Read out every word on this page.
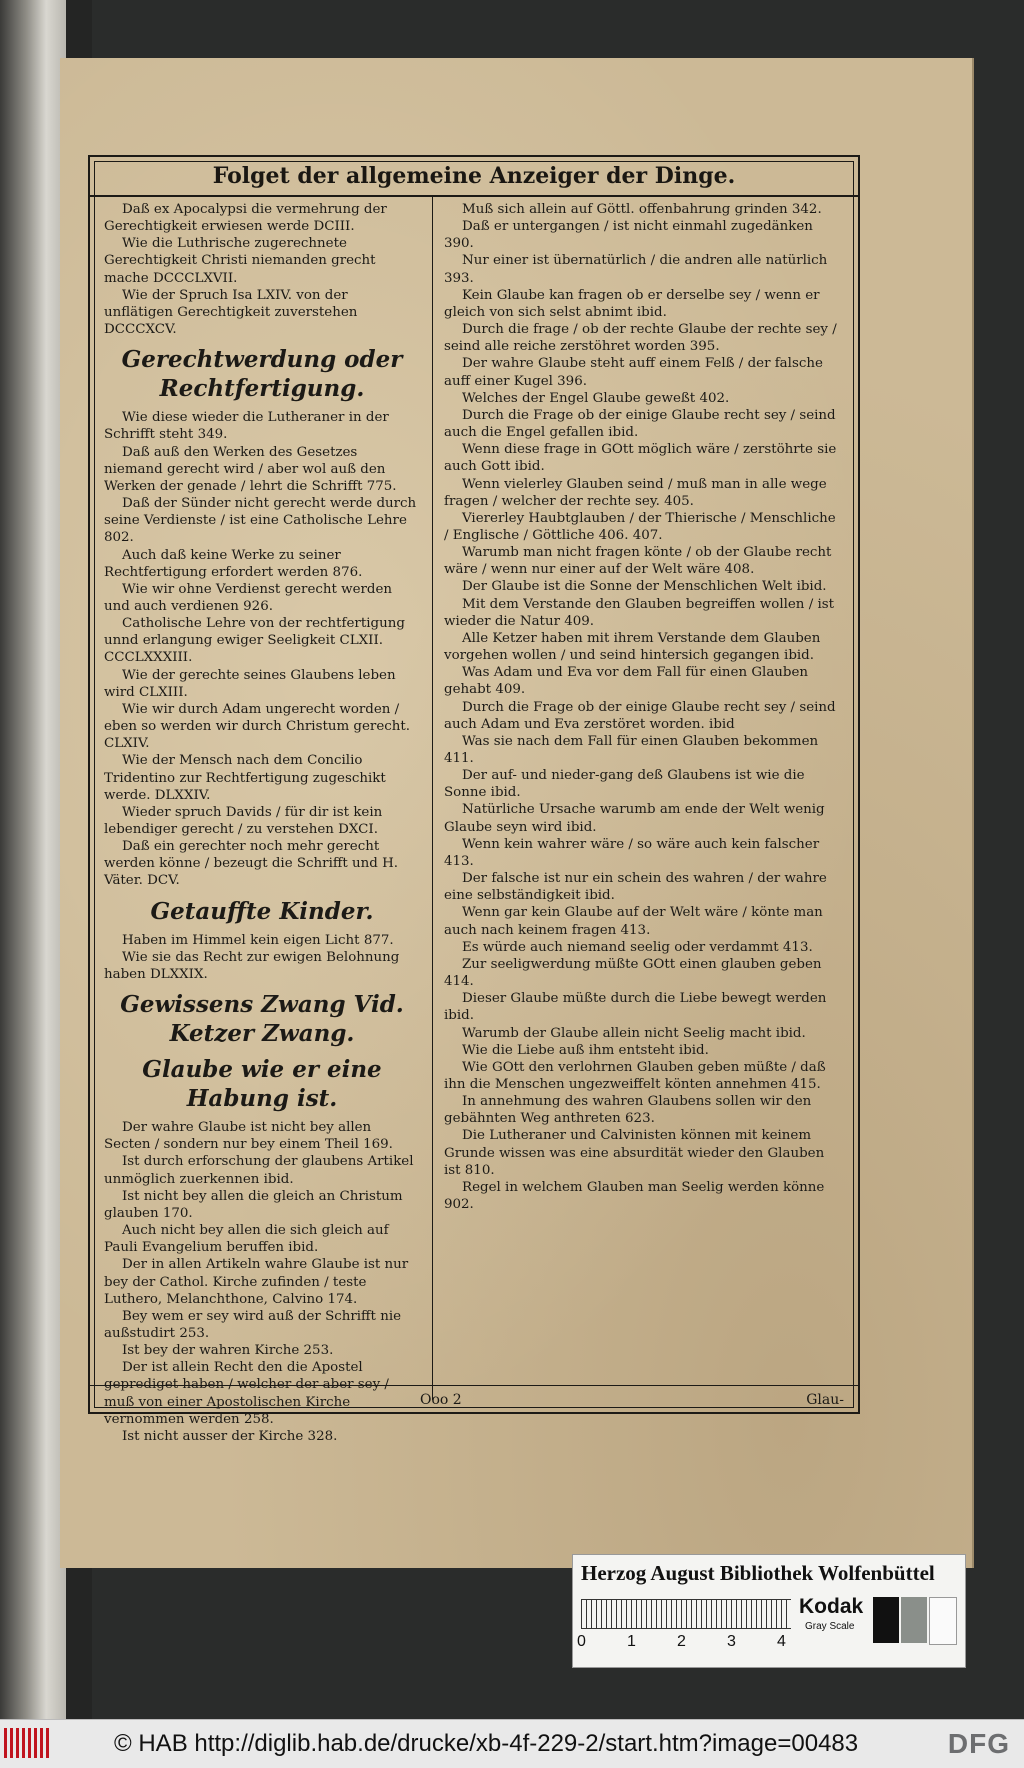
Folget der allgemeine Anzeiger der Dinge.

Daß ex Apocalypsi die vermehrung der Gerechtigkeit erwiesen werde DCIII.

Wie die Luthrische zugerechnete Gerechtigkeit Christi niemanden grecht mache DCCCLXVII.

Wie der Spruch Isa LXIV. von der unflätigen Gerechtigkeit zuverstehen DCCCXCV.

Gerechtwerdung oder Rechtfertigung.

Wie diese wieder die Lutheraner in der Schrifft steht 349.

Daß auß den Werken des Gesetzes niemand gerecht wird / aber wol auß den Werken der genade / lehrt die Schrifft 775.

Daß der Sünder nicht gerecht werde durch seine Verdienste / ist eine Catholische Lehre 802.

Auch daß keine Werke zu seiner Rechtfertigung erfordert werden 876.

Wie wir ohne Verdienst gerecht werden und auch verdienen 926.

Catholische Lehre von der rechtfertigung unnd erlangung ewiger Seeligkeit CLXII. CCCLXXXIII.

Wie der gerechte seines Glaubens leben wird CLXIII.

Wie wir durch Adam ungerecht worden / eben so werden wir durch Christum gerecht. CLXIV.

Wie der Mensch nach dem Concilio Tridentino zur Rechtfertigung zugeschikt werde. DLXXIV.

Wieder spruch Davids / für dir ist kein lebendiger gerecht / zu verstehen DXCI.

Daß ein gerechter noch mehr gerecht werden könne / bezeugt die Schrifft und H. Väter. DCV.

Getauffte Kinder.

Haben im Himmel kein eigen Licht 877.

Wie sie das Recht zur ewigen Belohnung haben DLXXIX.

Gewissens Zwang Vid. Ketzer Zwang.

Glaube wie er eine Habung ist.

Der wahre Glaube ist nicht bey allen Secten / sondern nur bey einem Theil 169.

Ist durch erforschung der glaubens Artikel unmöglich zuerkennen ibid.

Ist nicht bey allen die gleich an Christum glauben 170.

Auch nicht bey allen die sich gleich auf Pauli Evangelium beruffen ibid.

Der in allen Artikeln wahre Glaube ist nur bey der Cathol. Kirche zufinden / teste Luthero, Melanchthone, Calvino 174.

Bey wem er sey wird auß der Schrifft nie außstudirt 253.

Ist bey der wahren Kirche 253.

Der ist allein Recht den die Apostel geprediget haben / welcher der aber sey / muß von einer Apostolischen Kirche vernommen werden 258.

Ist nicht ausser der Kirche 328.

Muß sich allein auf Göttl. offenbahrung grinden 342.

Daß er untergangen / ist nicht einmahl zugedänken 390.

Nur einer ist übernatürlich / die andren alle natürlich 393.

Kein Glaube kan fragen ob er derselbe sey / wenn er gleich von sich selst abnimt ibid.

Durch die frage / ob der rechte Glaube der rechte sey / seind alle reiche zerstöhret worden 395.

Der wahre Glaube steht auff einem Felß / der falsche auff einer Kugel 396.

Welches der Engel Glaube geweßt 402.

Durch die Frage ob der einige Glaube recht sey / seind auch die Engel gefallen ibid.

Wenn diese frage in GOtt möglich wäre / zerstöhrte sie auch Gott ibid.

Wenn vielerley Glauben seind / muß man in alle wege fragen / welcher der rechte sey. 405.

Viererley Haubtglauben / der Thierische / Menschliche / Englische / Göttliche 406. 407.

Warumb man nicht fragen könte / ob der Glaube recht wäre / wenn nur einer auf der Welt wäre 408.

Der Glaube ist die Sonne der Menschlichen Welt ibid.

Mit dem Verstande den Glauben begreiffen wollen / ist wieder die Natur 409.

Alle Ketzer haben mit ihrem Verstande dem Glauben vorgehen wollen / und seind hintersich gegangen ibid.

Was Adam und Eva vor dem Fall für einen Glauben gehabt 409.

Durch die Frage ob der einige Glaube recht sey / seind auch Adam und Eva zerstöret worden. ibid

Was sie nach dem Fall für einen Glauben bekommen 411.

Der auf- und nieder-gang deß Glaubens ist wie die Sonne ibid.

Natürliche Ursache warumb am ende der Welt wenig Glaube seyn wird ibid.

Wenn kein wahrer wäre / so wäre auch kein falscher 413.

Der falsche ist nur ein schein des wahren / der wahre eine selbständigkeit ibid.

Wenn gar kein Glaube auf der Welt wäre / könte man auch nach keinem fragen 413.

Es würde auch niemand seelig oder verdammt 413.

Zur seeligwerdung müßte GOtt einen glauben geben 414.

Dieser Glaube müßte durch die Liebe bewegt werden ibid.

Warumb der Glaube allein nicht Seelig macht ibid.

Wie die Liebe auß ihm entsteht ibid.

Wie GOtt den verlohrnen Glauben geben müßte / daß ihn die Menschen ungezweiffelt könten annehmen 415.

In annehmung des wahren Glaubens sollen wir den gebähnten Weg anthreten 623.

Die Lutheraner und Calvinisten können mit keinem Grunde wissen was eine absurdität wieder den Glauben ist 810.

Regel in welchem Glauben man Seelig werden könne 902.

Ooo 2	Glau-
Herzog August Bibliothek Wolfenbüttel
0	1	2	3	4
Kodak
Gray Scale
© HAB http://diglib.hab.de/drucke/xb-4f-229-2/start.htm?image=00483	DFG
